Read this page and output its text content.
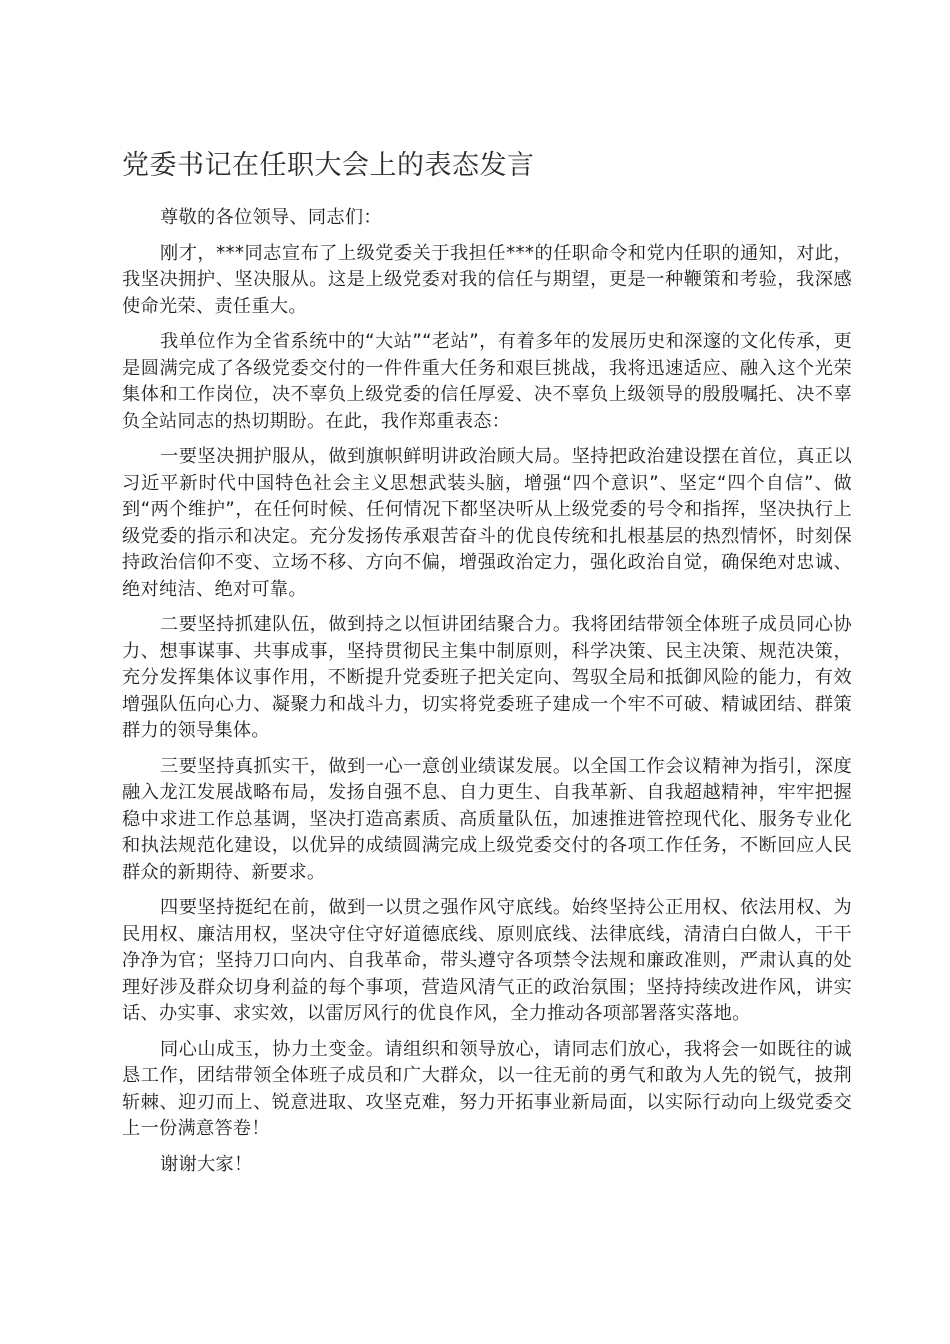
党委书记在任职大会上的表态发言

尊敬的各位领导、同志们：

刚才，***同志宣布了上级党委关于我担任***的任职命令和党内任职的通知，对此，我坚决拥护、坚决服从。这是上级党委对我的信任与期望，更是一种鞭策和考验，我深感使命光荣、责任重大。

我单位作为全省系统中的“大站”“老站”，有着多年的发展历史和深邃的文化传承，更是圆满完成了各级党委交付的一件件重大任务和艰巨挑战，我将迅速适应、融入这个光荣集体和工作岗位，决不辜负上级党委的信任厚爱、决不辜负上级领导的殷殷嘱托、决不辜负全站同志的热切期盼。在此，我作郑重表态：

一要坚决拥护服从，做到旗帜鲜明讲政治顾大局。坚持把政治建设摆在首位，真正以习近平新时代中国特色社会主义思想武装头脑，增强“四个意识”、坚定“四个自信”、做到“两个维护”，在任何时候、任何情况下都坚决听从上级党委的号令和指挥，坚决执行上级党委的指示和决定。充分发扬传承艰苦奋斗的优良传统和扎根基层的热烈情怀，时刻保持政治信仰不变、立场不移、方向不偏，增强政治定力，强化政治自觉，确保绝对忠诚、绝对纯洁、绝对可靠。

二要坚持抓建队伍，做到持之以恒讲团结聚合力。我将团结带领全体班子成员同心协力、想事谋事、共事成事，坚持贯彻民主集中制原则，科学决策、民主决策、规范决策，充分发挥集体议事作用，不断提升党委班子把关定向、驾驭全局和抵御风险的能力，有效增强队伍向心力、凝聚力和战斗力，切实将党委班子建成一个牢不可破、精诚团结、群策群力的领导集体。

三要坚持真抓实干，做到一心一意创业绩谋发展。以全国工作会议精神为指引，深度融入龙江发展战略布局，发扬自强不息、自力更生、自我革新、自我超越精神，牢牢把握稳中求进工作总基调，坚决打造高素质、高质量队伍，加速推进管控现代化、服务专业化和执法规范化建设，以优异的成绩圆满完成上级党委交付的各项工作任务，不断回应人民群众的新期待、新要求。

四要坚持挺纪在前，做到一以贯之强作风守底线。始终坚持公正用权、依法用权、为民用权、廉洁用权，坚决守住守好道德底线、原则底线、法律底线，清清白白做人，干干净净为官；坚持刀口向内、自我革命，带头遵守各项禁令法规和廉政准则，严肃认真的处理好涉及群众切身利益的每个事项，营造风清气正的政治氛围；坚持持续改进作风，讲实话、办实事、求实效，以雷厉风行的优良作风，全力推动各项部署落实落地。

同心山成玉，协力土变金。请组织和领导放心，请同志们放心，我将会一如既往的诚恳工作，团结带领全体班子成员和广大群众，以一往无前的勇气和敢为人先的锐气，披荆斩棘、迎刃而上、锐意进取、攻坚克难，努力开拓事业新局面，以实际行动向上级党委交上一份满意答卷！

谢谢大家！
